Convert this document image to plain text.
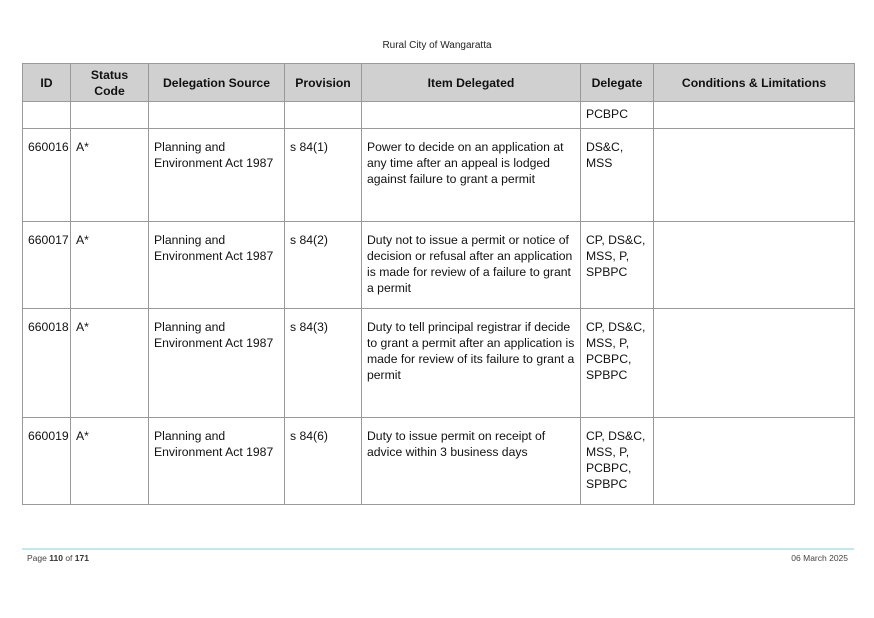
Rural City of Wangaratta
ID	Status Code	Delegation Source	Provision	Item Delegated	Delegate	Conditions & Limitations
					PCBPC	
660016	A*	Planning and Environment Act 1987	s 84(1)	Power to decide on an application at any time after an appeal is lodged against failure to grant a permit	DS&C, MSS	
660017	A*	Planning and Environment Act 1987	s 84(2)	Duty not to issue a permit or notice of decision or refusal after an application is made for review of a failure to grant a permit	CP, DS&C, MSS, P, SPBPC	
660018	A*	Planning and Environment Act 1987	s 84(3)	Duty to tell principal registrar if decide to grant a permit after an application is made for review of its failure to grant a permit	CP, DS&C, MSS, P, PCBPC, SPBPC	
660019	A*	Planning and Environment Act 1987	s 84(6)	Duty to issue permit on receipt of advice within 3 business days	CP, DS&C, MSS, P, PCBPC, SPBPC	
Page 110 of 171	06 March 2025
